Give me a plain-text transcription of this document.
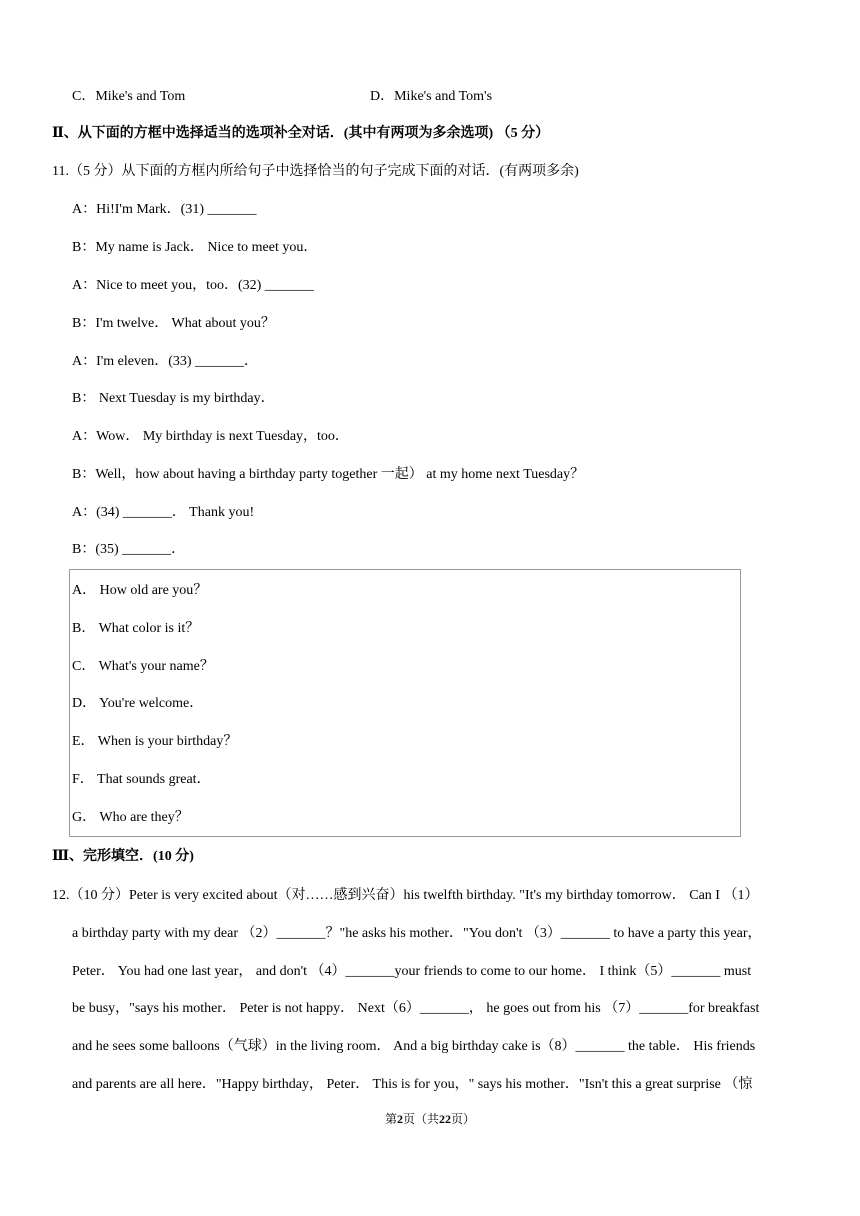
C．Mike's and Tom	D．Mike's and Tom's
Ⅱ、从下面的方框中选择适当的选项补全对话．(其中有两项为多余选项) （5 分）
11.（5 分）从下面的方框内所给句子中选择恰当的句子完成下面的对话．(有两项多余)
A：Hi!I'm Mark．(31) _______
B：My name is Jack． Nice to meet you．
A：Nice to meet you，too．(32) _______
B：I'm twelve． What about you？
A：I'm eleven．(33) _______．
B： Next Tuesday is my birthday．
A：Wow． My birthday is next Tuesday，too．
B：Well，how about having a birthday party together 一起） at my home next Tuesday？
A：(34) _______． Thank you!
B：(35) _______．
A． How old are you？
B． What color is it？
C． What's your name？
D． You're welcome．
E． When is your birthday？
F． That sounds great．
G． Who are they？
Ⅲ、完形填空．(10 分)
12.（10 分）Peter is very excited about（对……感到兴奋）his twelfth birthday. "It's my birthday tomorrow． Can I （1）
a birthday party with my dear （2）_______？"he asks his mother．"You don't （3）_______ to have a party this year，
Peter． You had one last year， and don't （4）_______your friends to come to our home． I think（5）_______ must
be busy，"says his mother． Peter is not happy． Next（6）_______， he goes out from his （7）_______for breakfast
and he sees some balloons（气球）in the living room． And a big birthday cake is（8）_______ the table． His friends
and parents are all here．"Happy birthday， Peter． This is for you，" says his mother．"Isn't this a great surprise （惊
第2页（共22页）
